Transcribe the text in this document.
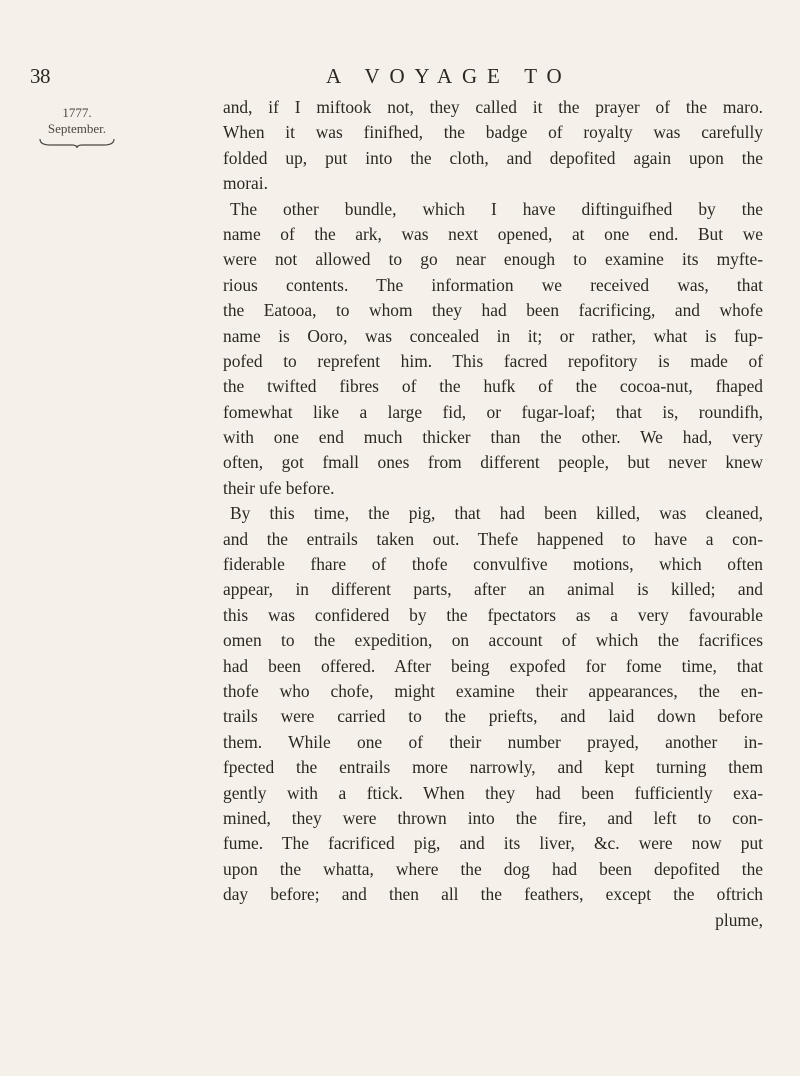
38	A VOYAGE TO
1777.
September.
and, if I miftook not, they called it the prayer of the maro.
When it was finifhed, the badge of royalty was carefully
folded up, put into the cloth, and depofited again upon the
morai.
The other bundle, which I have diftinguifhed by the
name of the ark, was next opened, at one end. But we
were not allowed to go near enough to examine its myfte-
rious contents. The information we received was, that
the Eatooa, to whom they had been facrificing, and whofe
name is Ooro, was concealed in it; or rather, what is fup-
pofed to reprefent him. This facred repofitory is made of
the twifted fibres of the hufk of the cocoa-nut, fhaped
fomewhat like a large fid, or fugar-loaf; that is, roundifh,
with one end much thicker than the other. We had, very
often, got fmall ones from different people, but never knew
their ufe before.
By this time, the pig, that had been killed, was cleaned,
and the entrails taken out. Thefe happened to have a con-
fiderable fhare of thofe convulfive motions, which often
appear, in different parts, after an animal is killed; and
this was confidered by the fpectators as a very favourable
omen to the expedition, on account of which the facrifices
had been offered. After being expofed for fome time, that
thofe who chofe, might examine their appearances, the en-
trails were carried to the priefts, and laid down before
them. While one of their number prayed, another in-
fpected the entrails more narrowly, and kept turning them
gently with a ftick. When they had been fufficiently exa-
mined, they were thrown into the fire, and left to con-
fume. The facrificed pig, and its liver, &c. were now put
upon the whatta, where the dog had been depofited the
day before; and then all the feathers, except the oftrich
plume,
